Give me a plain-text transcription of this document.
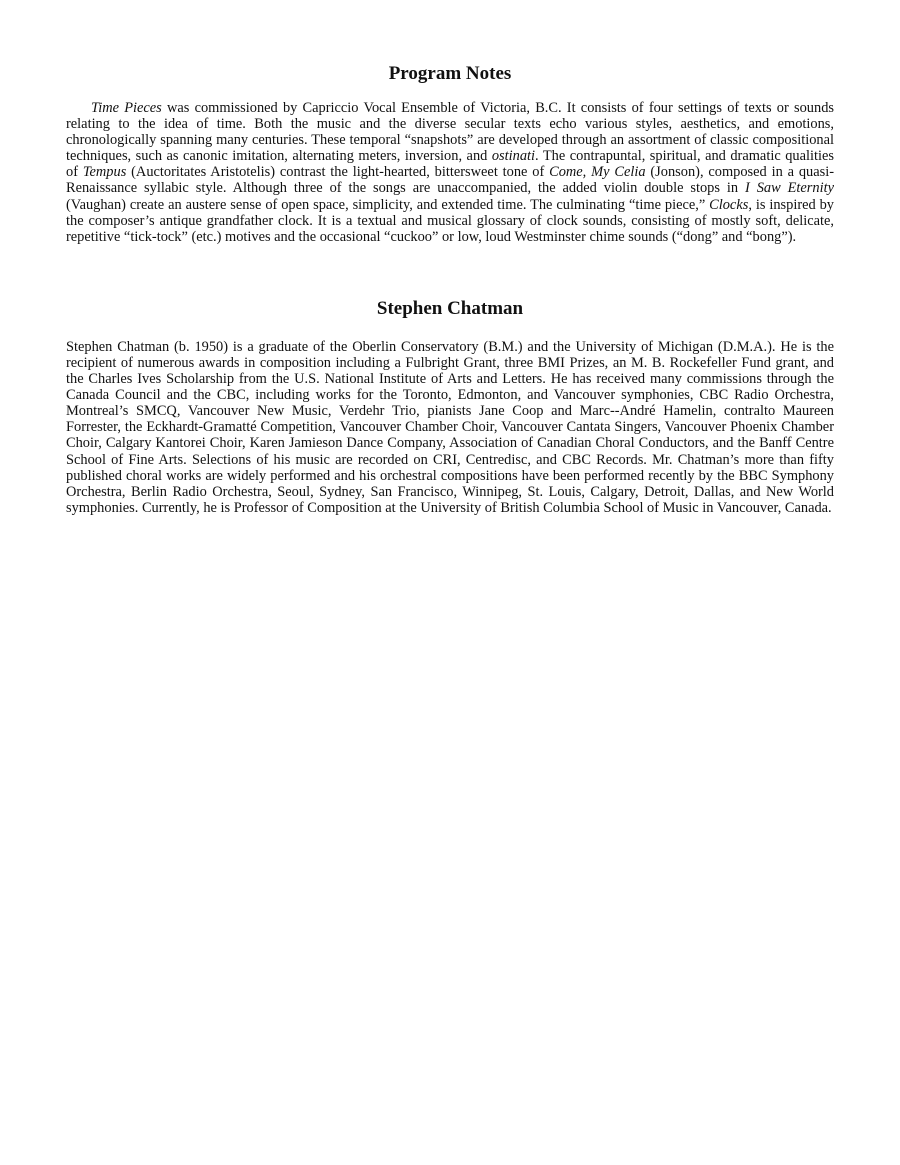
Program Notes

Time Pieces was commissioned by Capriccio Vocal Ensemble of Victoria, B.C. It consists of four settings of texts or sounds relating to the idea of time. Both the music and the diverse secular texts echo various styles, aesthetics, and emotions, chronologically spanning many centuries. These temporal “snapshots” are developed through an assortment of classic compositional techniques, such as canonic imitation, alternating meters, inversion, and ostinati. The contrapuntal, spiritual, and dramatic qualities of Tempus (Auctoritates Aristotelis) contrast the light-hearted, bittersweet tone of Come, My Celia (Jonson), composed in a quasi-Renaissance syllabic style. Although three of the songs are unaccompanied, the added violin double stops in I Saw Eternity (Vaughan) create an austere sense of open space, simplicity, and extended time. The culminating “time piece,” Clocks, is inspired by the composer’s antique grandfather clock. It is a textual and musical glossary of clock sounds, consisting of mostly soft, delicate, repetitive “tick-tock” (etc.) motives and the occasional “cuckoo” or low, loud Westminster chime sounds (“dong” and “bong”).

Stephen Chatman

Stephen Chatman (b. 1950) is a graduate of the Oberlin Conservatory (B.M.) and the University of Michigan (D.M.A.). He is the recipient of numerous awards in composition including a Fulbright Grant, three BMI Prizes, an M. B. Rockefeller Fund grant, and the Charles Ives Scholarship from the U.S. National Institute of Arts and Letters. He has received many commissions through the Canada Council and the CBC, including works for the Toronto, Edmonton, and Vancouver symphonies, CBC Radio Orchestra, Montreal’s SMCQ, Vancouver New Music, Verdehr Trio, pianists Jane Coop and Marc--André Hamelin, contralto Maureen Forrester, the Eckhardt-Gramatté Competition, Vancouver Chamber Choir, Vancouver Cantata Singers, Vancouver Phoenix Chamber Choir, Calgary Kantorei Choir, Karen Jamieson Dance Company, Association of Canadian Choral Conductors, and the Banff Centre School of Fine Arts. Selections of his music are recorded on CRI, Centredisc, and CBC Records. Mr. Chatman’s more than fifty published choral works are widely performed and his orchestral compositions have been performed recently by the BBC Symphony Orchestra, Berlin Radio Orchestra, Seoul, Sydney, San Francisco, Winnipeg, St. Louis, Calgary, Detroit, Dallas, and New World symphonies. Currently, he is Professor of Composition at the University of British Columbia School of Music in Vancouver, Canada.
